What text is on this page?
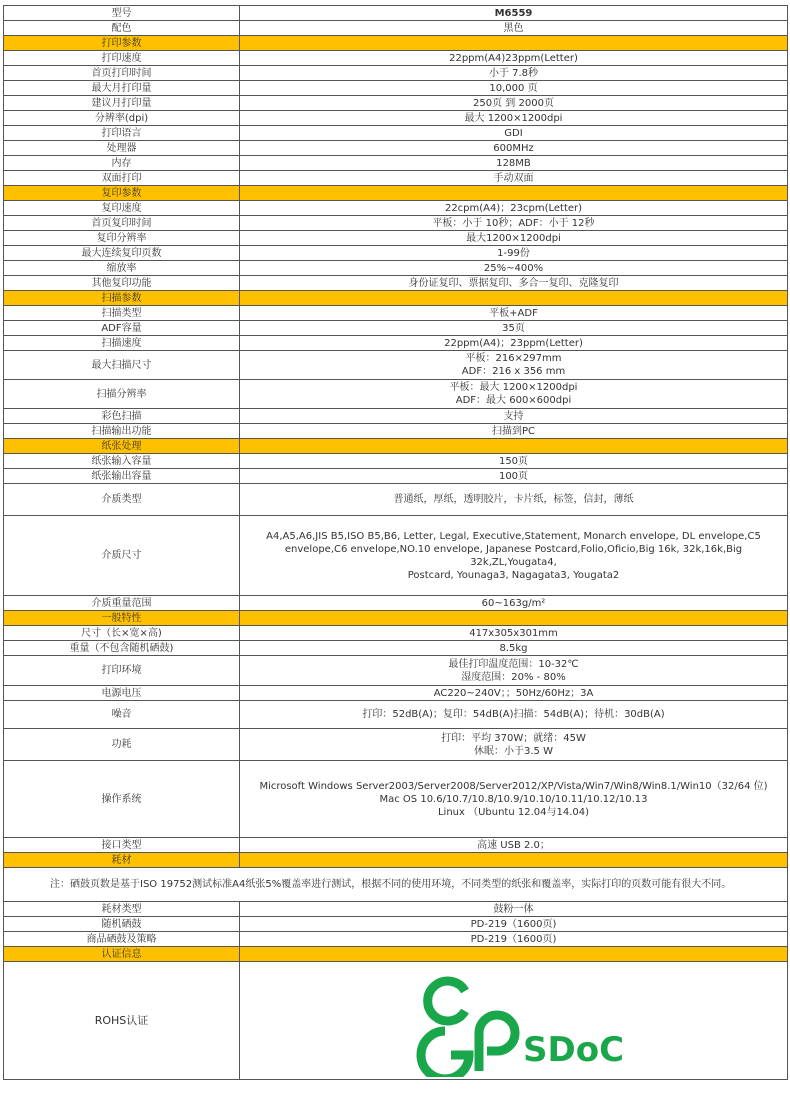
型号	M6559

配色	黑色

打印参数	
打印速度	22ppm(A4)23ppm(Letter)

首页打印时间	小于 7.8秒

最大月打印量	10,000 页

建议月打印量	250页 到 2000页

分辨率(dpi)	最大 1200×1200dpi

打印语言	GDI

处理器	600MHz

内存	128MB

双面打印	手动双面

复印参数	
复印速度	22cpm(A4)；23cpm(Letter)

首页复印时间	平板：小于 10秒；ADF：小于 12秒

复印分辨率	最大1200×1200dpi

最大连续复印页数	1-99份

缩放率	25%~400%

其他复印功能	身份证复印、票据复印、多合一复印、克隆复印

扫描参数	
扫描类型	平板+ADF

ADF容量	35页

扫描速度	22ppm(A4)；23ppm(Letter)

最大扫描尺寸	平板：216×297mm
ADF：216 x 356 mm

扫描分辨率	平板：最大 1200×1200dpi
ADF：最大 600×600dpi

彩色扫描	支持

扫描输出功能	扫描到PC

纸张处理	
纸张输入容量	150页

纸张输出容量	100页

介质类型	普通纸，厚纸，透明胶片，卡片纸，标签，信封，薄纸

介质尺寸	A4,A5,A6,JIS B5,ISO B5,B6, Letter, Legal, Executive,Statement, Monarch envelope, DL envelope,C5
envelope,C6 envelope,NO.10 envelope, Japanese Postcard,Folio,Oficio,Big 16k, 32k,16k,Big 32k,ZL,Yougata4,
Postcard, Younaga3, Nagagata3, Yougata2

介质重量范围	60~163g/m²

一般特性	
尺寸（长×宽×高)	417x305x301mm

重量（不包含随机硒鼓)	8.5kg

打印环境	最佳打印温度范围：10-32℃
湿度范围：20% - 80%

电源电压	AC220~240V；；50Hz/60Hz；3A

噪音	打印：52dB(A)；复印：54dB(A)扫描：54dB(A)；待机：30dB(A)

功耗	打印：平均 370W；就绪：45W
休眠：小于3.5 W

操作系统	Microsoft Windows Server2003/Server2008/Server2012/XP/Vista/Win7/Win8/Win8.1/Win10（32/64 位)
Mac OS 10.6/10.7/10.8/10.9/10.10/10.11/10.12/10.13
Linux （Ubuntu 12.04与14.04)

接口类型	高速 USB 2.0；

耗材	
注：硒鼓页数是基于ISO 19752测试标准A4纸张5%覆盖率进行测试，根据不同的使用环境，不同类型的纸张和覆盖率，实际打印的页数可能有很大不同。	
耗材类型	鼓粉一体

随机硒鼓	PD-219（1600页)

商品硒鼓及策略	PD-219（1600页)

认证信息	
ROHS认证	SDoC
